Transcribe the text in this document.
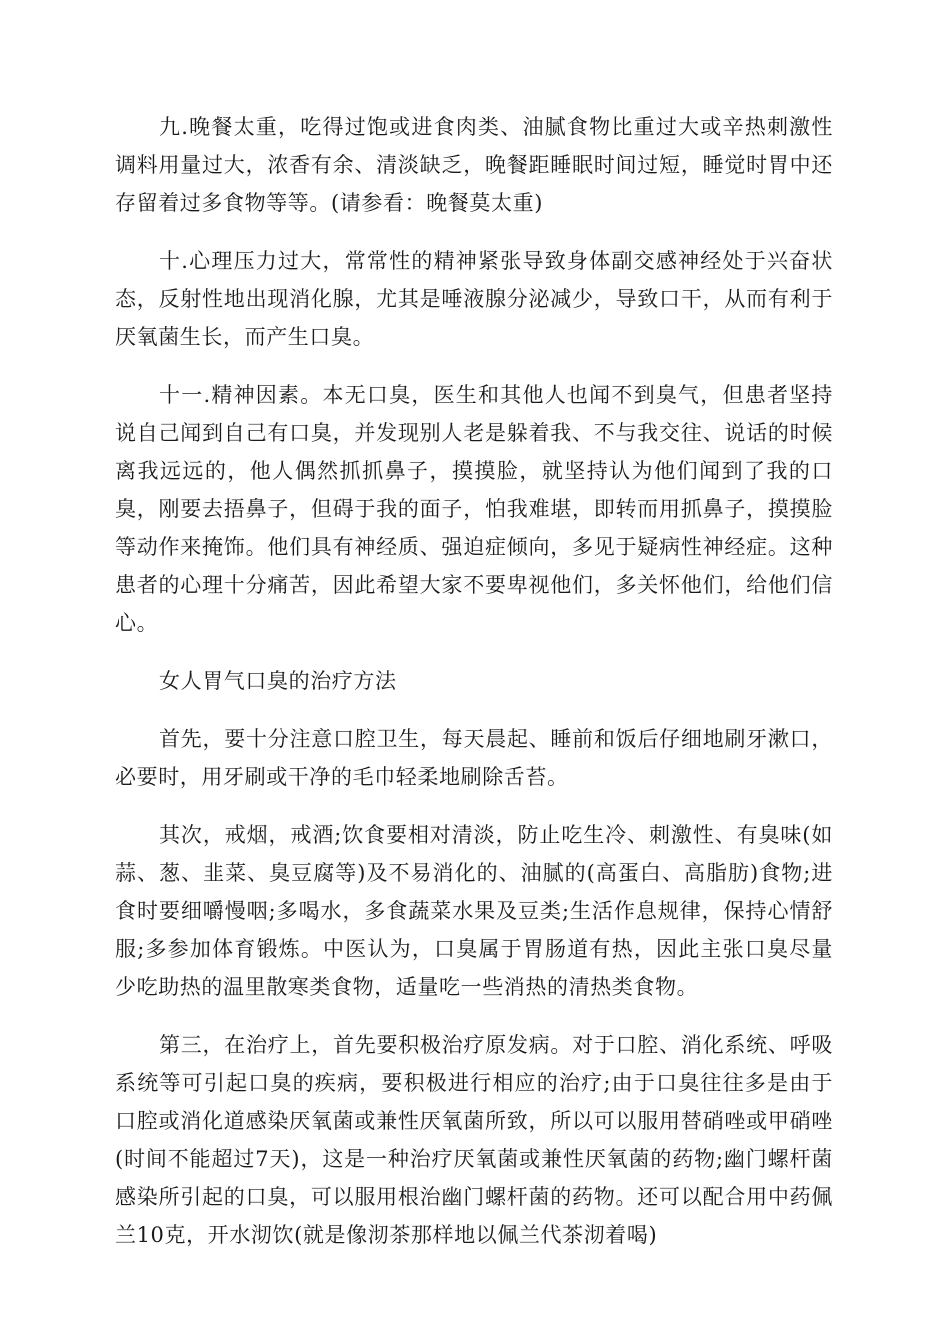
九.晚餐太重，吃得过饱或进食肉类、油腻食物比重过大或辛热刺激性调料用量过大，浓香有余、清淡缺乏，晚餐距睡眠时间过短，睡觉时胃中还存留着过多食物等等。(请参看：晚餐莫太重)

十.心理压力过大，常常性的精神紧张导致身体副交感神经处于兴奋状态，反射性地出现消化腺，尤其是唾液腺分泌减少，导致口干，从而有利于厌氧菌生长，而产生口臭。

十一.精神因素。本无口臭，医生和其他人也闻不到臭气，但患者坚持说自己闻到自己有口臭，并发现别人老是躲着我、不与我交往、说话的时候离我远远的，他人偶然抓抓鼻子，摸摸脸，就坚持认为他们闻到了我的口臭，刚要去捂鼻子，但碍于我的面子，怕我难堪，即转而用抓鼻子，摸摸脸等动作来掩饰。他们具有神经质、强迫症倾向，多见于疑病性神经症。这种患者的心理十分痛苦，因此希望大家不要卑视他们，多关怀他们，给他们信心。

女人胃气口臭的治疗方法

首先，要十分注意口腔卫生，每天晨起、睡前和饭后仔细地刷牙漱口，必要时，用牙刷或干净的毛巾轻柔地刷除舌苔。

其次，戒烟，戒酒;饮食要相对清淡，防止吃生冷、刺激性、有臭味(如蒜、葱、韭菜、臭豆腐等)及不易消化的、油腻的(高蛋白、高脂肪)食物;进食时要细嚼慢咽;多喝水，多食蔬菜水果及豆类;生活作息规律，保持心情舒服;多参加体育锻炼。中医认为，口臭属于胃肠道有热，因此主张口臭尽量少吃助热的温里散寒类食物，适量吃一些消热的清热类食物。

第三，在治疗上，首先要积极治疗原发病。对于口腔、消化系统、呼吸系统等可引起口臭的疾病，要积极进行相应的治疗;由于口臭往往多是由于口腔或消化道感染厌氧菌或兼性厌氧菌所致，所以可以服用替硝唑或甲硝唑(时间不能超过7天)，这是一种治疗厌氧菌或兼性厌氧菌的药物;幽门螺杆菌感染所引起的口臭，可以服用根治幽门螺杆菌的药物。还可以配合用中药佩兰10克，开水沏饮(就是像沏茶那样地以佩兰代茶沏着喝)
